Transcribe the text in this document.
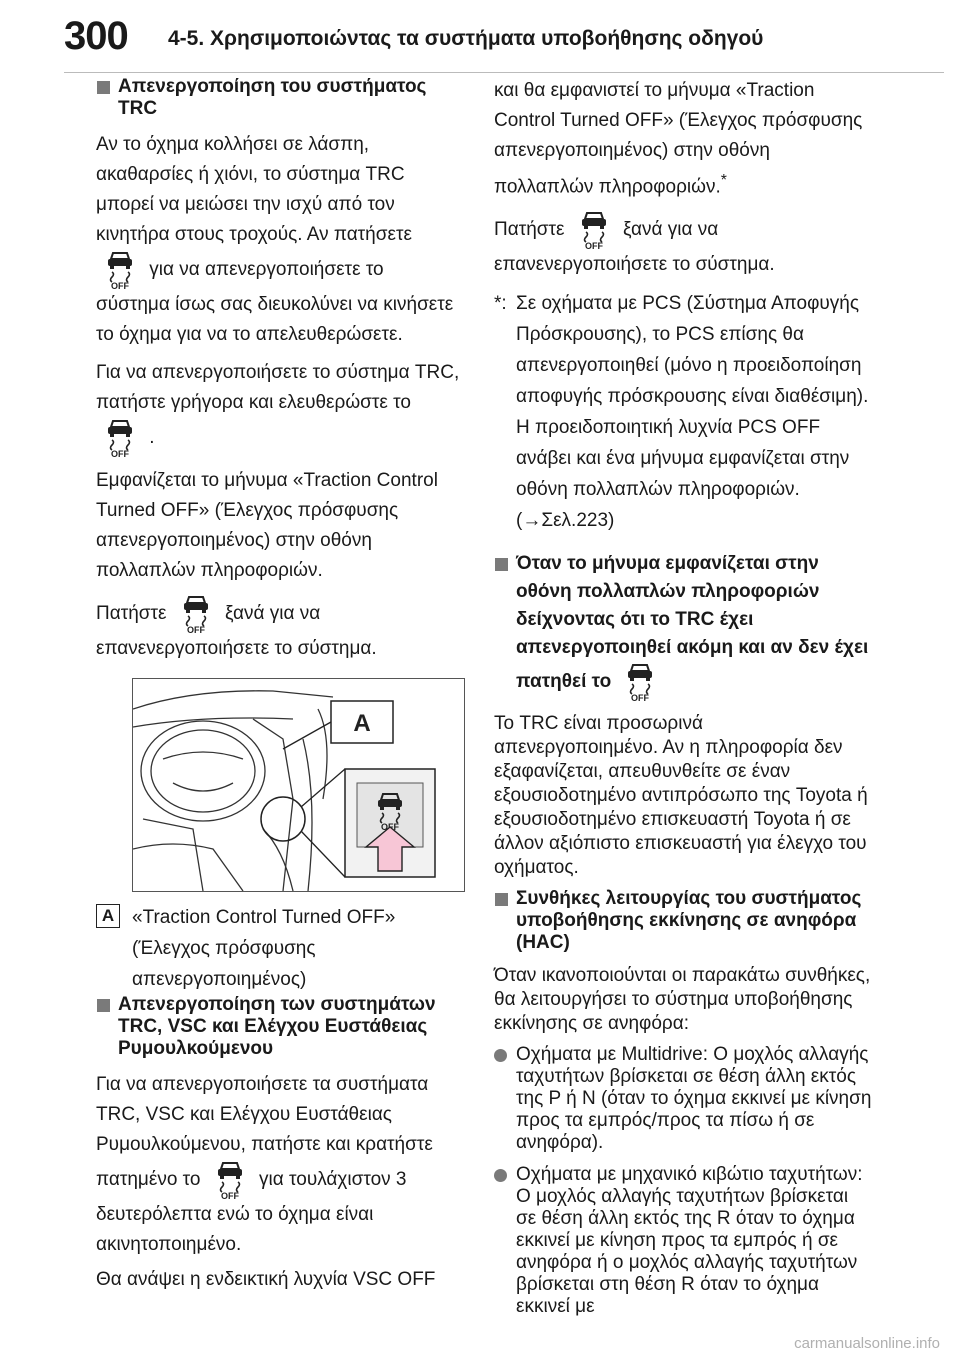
300 4-5. Χρησιμοποιώντας τα συστήματα υποβοήθησης οδηγού
Απενεργοποίηση του συστήματος TRC

Αν το όχημα κολλήσει σε λάσπη, ακαθαρσίες ή χιόνι, το σύστημα TRC μπορεί να μειώσει την ισχύ από τον κινητήρα στους τροχούς. Αν πατήσετε  για να απενεργοποιήσετε το σύστημα ίσως σας διευκολύνει να κινήσετε το όχημα για να το απελευθερώσετε.

Για να απενεργοποιήσετε το σύστημα TRC, πατήστε γρήγορα και ελευθερώστε το  .

Εμφανίζεται το μήνυμα «Traction Control Turned OFF» (Έλεγχος πρόσφυσης απενεργοποιημένος) στην οθόνη πολλαπλών πληροφοριών.

Πατήστε	ξανά για να επανενεργοποιήσετε το σύστημα.

A
A «Traction Control Turned OFF» (Έλεγχος πρόσφυσης απενεργοποιημένος)
Απενεργοποίηση των συστημάτων TRC, VSC και Ελέγχου Ευστάθειας Ρυμουλκούμενου

Για να απενεργοποιήσετε τα συστήματα TRC, VSC και Ελέγχου Ευστάθειας Ρυμουλκούμενου, πατήστε και κρατήστε πατημένο το	για τουλάχιστον 3 δευτερόλεπτα ενώ το όχημα είναι ακινητοποιημένο.

Θα ανάψει η ενδεικτική λυχνία VSC OFF

και θα εμφανιστεί το μήνυμα «Traction Control Turned OFF» (Έλεγχος πρόσφυσης απενεργοποιημένος) στην οθόνη πολλαπλών πληροφοριών.*

Πατήστε	ξανά για να επανενεργοποιήσετε το σύστημα.

*: Σε οχήματα με PCS (Σύστημα Αποφυγής Πρόσκρουσης), το PCS επίσης θα απενεργοποιηθεί (μόνο η προειδοποίηση αποφυγής πρόσκρουσης είναι διαθέσιμη). Η προειδοποιητική λυχνία PCS OFF ανάβει και ένα μήνυμα εμφανίζεται στην οθόνη πολλαπλών πληροφοριών. (→Σελ.223)
Όταν το μήνυμα εμφανίζεται στην οθόνη πολλαπλών πληροφοριών δείχνοντας ότι το TRC έχει απενεργοποιηθεί ακόμη και αν δεν έχει πατηθεί το

Το TRC είναι προσωρινά απενεργοποιημένο. Αν η πληροφορία δεν εξαφανίζεται, απευθυνθείτε σε έναν εξουσιοδοτημένο αντιπρόσωπο της Toyota ή εξουσιοδοτημένο επισκευαστή Toyota ή σε άλλον αξιόπιστο επισκευαστή για έλεγχο του οχήματος.

Συνθήκες λειτουργίας του συστήματος υποβοήθησης εκκίνησης σε ανηφόρα (HAC)

Όταν ικανοποιούνται οι παρακάτω συνθήκες, θα λειτουργήσει το σύστημα υποβοήθησης εκκίνησης σε ανηφόρα:

Οχήματα με Multidrive: Ο μοχλός αλλαγής ταχυτήτων βρίσκεται σε θέση άλλη εκτός της P ή N (όταν το όχημα εκκινεί με κίνηση προς τα εμπρός/προς τα πίσω ή σε ανηφόρα).
Οχήματα με μηχανικό κιβώτιο ταχυτήτων: Ο μοχλός αλλαγής ταχυτήτων βρίσκεται σε θέση άλλη εκτός της R όταν το όχημα εκκινεί με κίνηση προς τα εμπρός ή σε ανηφόρα ή ο μοχλός αλλαγής ταχυτήτων βρίσκεται στη θέση R όταν το όχημα εκκινεί με
carmanualsonline.info
